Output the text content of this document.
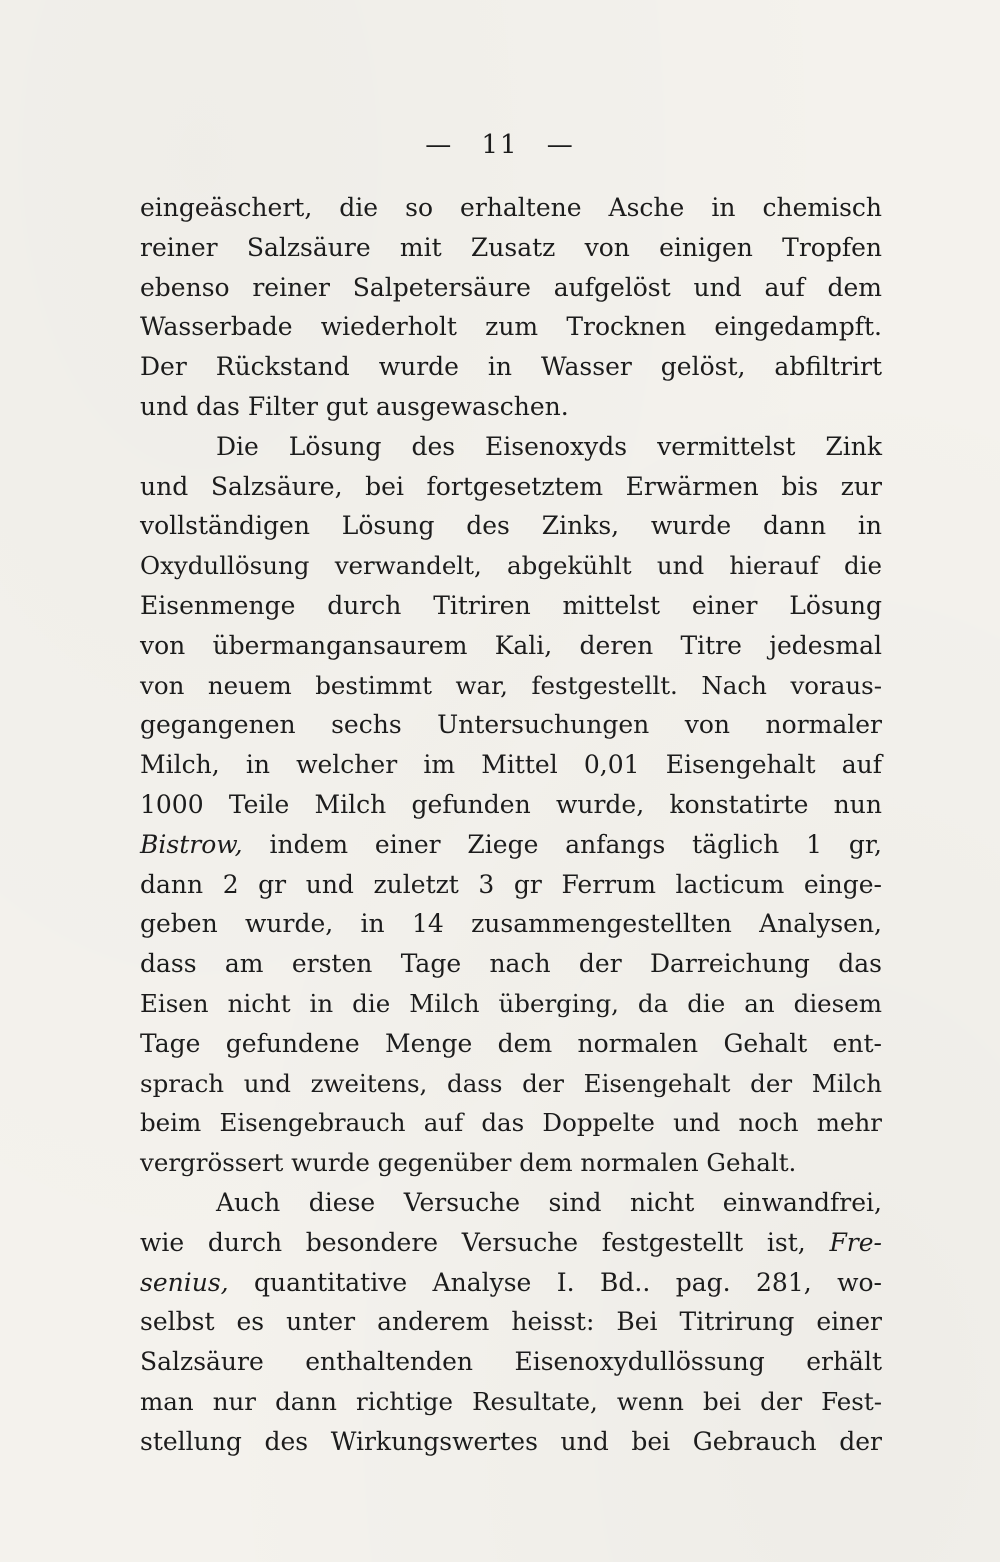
— 11 —
eingeäschert, die so erhaltene Asche in chemisch
reiner Salzsäure mit Zusatz von einigen Tropfen
ebenso reiner Salpetersäure aufgelöst und auf dem
Wasserbade wiederholt zum Trocknen eingedampft.
Der Rückstand wurde in Wasser gelöst, abfiltrirt
und das Filter gut ausgewaschen.
Die Lösung des Eisenoxyds vermittelst Zink
und Salzsäure, bei fortgesetztem Erwärmen bis zur
vollständigen Lösung des Zinks, wurde dann in
Oxydullösung verwandelt, abgekühlt und hierauf die
Eisenmenge durch Titriren mittelst einer Lösung
von übermangansaurem Kali, deren Titre jedesmal
von neuem bestimmt war, festgestellt. Nach voraus-
gegangenen sechs Untersuchungen von normaler
Milch, in welcher im Mittel 0,01 Eisengehalt auf
1000 Teile Milch gefunden wurde, konstatirte nun
Bistrow, indem einer Ziege anfangs täglich 1 gr,
dann 2 gr und zuletzt 3 gr Ferrum lacticum einge-
geben wurde, in 14 zusammengestellten Analysen,
dass am ersten Tage nach der Darreichung das
Eisen nicht in die Milch überging, da die an diesem
Tage gefundene Menge dem normalen Gehalt ent-
sprach und zweitens, dass der Eisengehalt der Milch
beim Eisengebrauch auf das Doppelte und noch mehr
vergrössert wurde gegenüber dem normalen Gehalt.
Auch diese Versuche sind nicht einwandfrei,
wie durch besondere Versuche festgestellt ist, Fre-
senius, quantitative Analyse I. Bd.. pag. 281, wo-
selbst es unter anderem heisst: Bei Titrirung einer
Salzsäure enthaltenden Eisenoxydullössung erhält
man nur dann richtige Resultate, wenn bei der Fest-
stellung des Wirkungswertes und bei Gebrauch der
